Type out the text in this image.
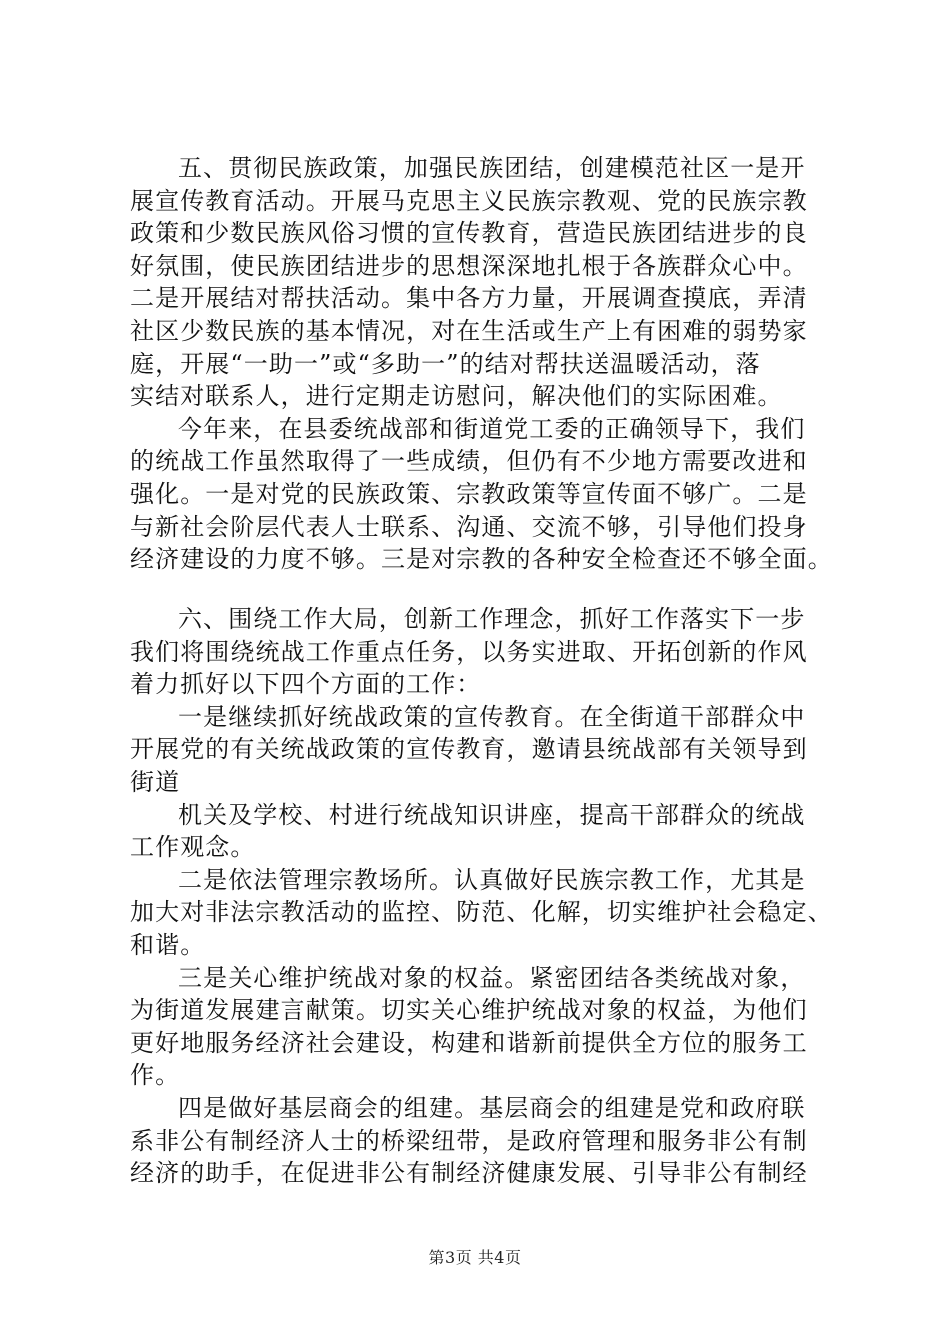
五、贯彻民族政策，加强民族团结，创建模范社区一是开
展宣传教育活动。开展马克思主义民族宗教观、党的民族宗教
政策和少数民族风俗习惯的宣传教育，营造民族团结进步的良
好氛围，使民族团结进步的思想深深地扎根于各族群众心中。
二是开展结对帮扶活动。集中各方力量，开展调查摸底，弄清
社区少数民族的基本情况，对在生活或生产上有困难的弱势家
庭，开展“一助一”或“多助一”的结对帮扶送温暖活动，落
实结对联系人，进行定期走访慰问，解决他们的实际困难。
今年来，在县委统战部和街道党工委的正确领导下，我们
的统战工作虽然取得了一些成绩，但仍有不少地方需要改进和
强化。一是对党的民族政策、宗教政策等宣传面不够广。二是
与新社会阶层代表人士联系、沟通、交流不够，引导他们投身
经济建设的力度不够。三是对宗教的各种安全检查还不够全面。
六、围绕工作大局，创新工作理念，抓好工作落实下一步
我们将围绕统战工作重点任务，以务实进取、开拓创新的作风
着力抓好以下四个方面的工作：
一是继续抓好统战政策的宣传教育。在全街道干部群众中
开展党的有关统战政策的宣传教育，邀请县统战部有关领导到
街道
机关及学校、村进行统战知识讲座，提高干部群众的统战
工作观念。
二是依法管理宗教场所。认真做好民族宗教工作，尤其是
加大对非法宗教活动的监控、防范、化解，切实维护社会稳定、
和谐。
三是关心维护统战对象的权益。紧密团结各类统战对象，
为街道发展建言献策。切实关心维护统战对象的权益，为他们
更好地服务经济社会建设，构建和谐新前提供全方位的服务工
作。
四是做好基层商会的组建。基层商会的组建是党和政府联
系非公有制经济人士的桥梁纽带，是政府管理和服务非公有制
经济的助手，在促进非公有制经济健康发展、引导非公有制经
第3页 共4页
